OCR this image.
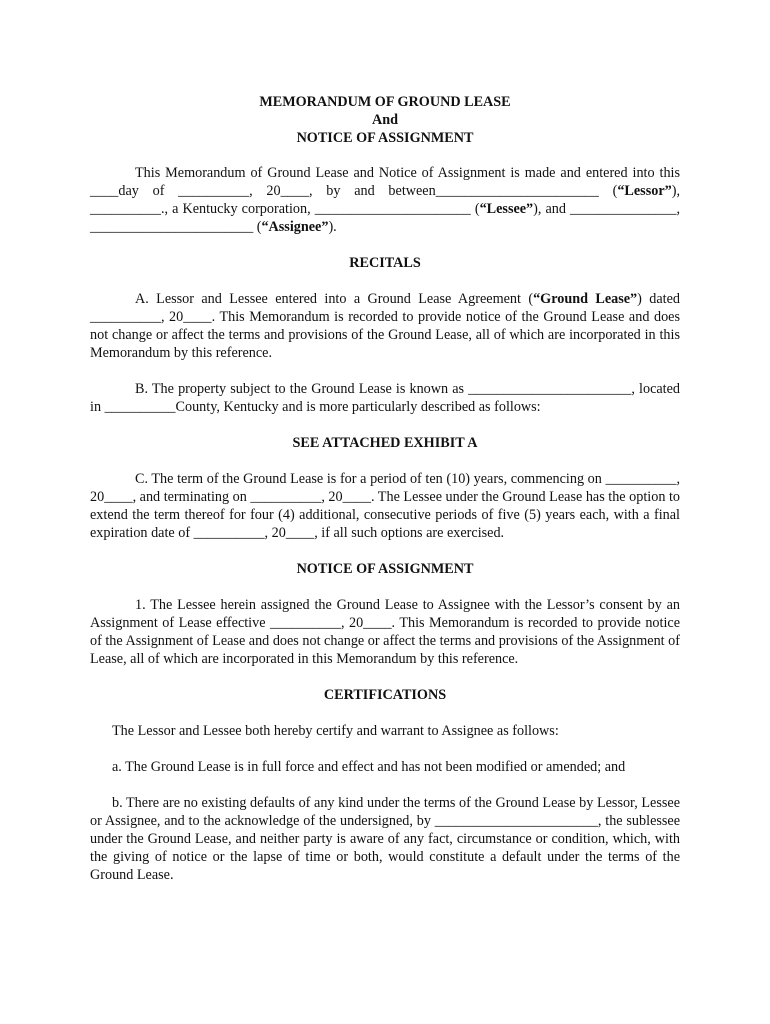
MEMORANDUM OF GROUND LEASE

And

NOTICE OF ASSIGNMENT

This Memorandum of Ground Lease and Notice of Assignment is made and entered into this ____day of __________, 20____, by and between_______________________ (“Lessor”), __________., a Kentucky corporation, ______________________ (“Lessee”), and _______________, _______________________ (“Assignee”).

RECITALS

A. Lessor and Lessee entered into a Ground Lease Agreement (“Ground Lease”) dated __________, 20____. This Memorandum is recorded to provide notice of the Ground Lease and does not change or affect the terms and provisions of the Ground Lease, all of which are incorporated in this Memorandum by this reference.

B. The property subject to the Ground Lease is known as _______________________, located in __________County, Kentucky and is more particularly described as follows:

SEE ATTACHED EXHIBIT A

C. The term of the Ground Lease is for a period of ten (10) years, commencing on __________, 20____, and terminating on __________, 20____. The Lessee under the Ground Lease has the option to extend the term thereof for four (4) additional, consecutive periods of five (5) years each, with a final expiration date of __________, 20____, if all such options are exercised.

NOTICE OF ASSIGNMENT

1. The Lessee herein assigned the Ground Lease to Assignee with the Lessor’s consent by an Assignment of Lease effective __________, 20____. This Memorandum is recorded to provide notice of the Assignment of Lease and does not change or affect the terms and provisions of the Assignment of Lease, all of which are incorporated in this Memorandum by this reference.

CERTIFICATIONS

The Lessor and Lessee both hereby certify and warrant to Assignee as follows:

a. The Ground Lease is in full force and effect and has not been modified or amended; and

b. There are no existing defaults of any kind under the terms of the Ground Lease by Lessor, Lessee or Assignee, and to the acknowledge of the undersigned, by _______________________, the sublessee under the Ground Lease, and neither party is aware of any fact, circumstance or condition, which, with the giving of notice or the lapse of time or both, would constitute a default under the terms of the Ground Lease.
